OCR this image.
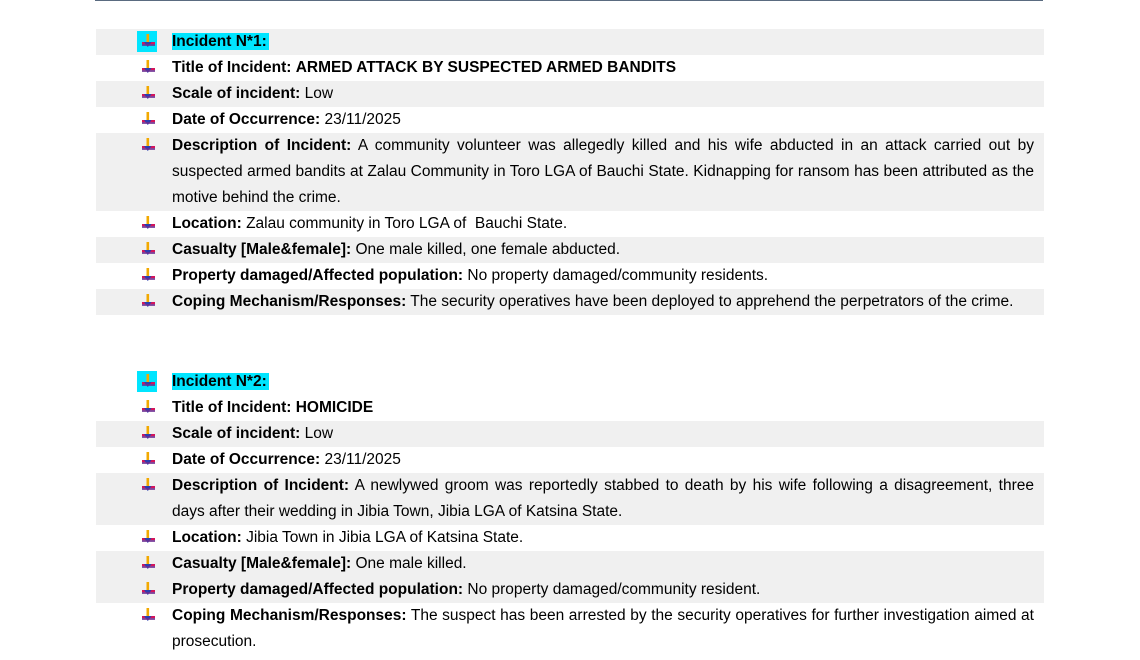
Incident N*1:
Title of Incident: ARMED ATTACK BY SUSPECTED ARMED BANDITS
Scale of incident: Low
Date of Occurrence: 23/11/2025
Description of Incident: A community volunteer was allegedly killed and his wife abducted in an attack carried out by suspected armed bandits at Zalau Community in Toro LGA of Bauchi State. Kidnapping for ransom has been attributed as the motive behind the crime.
Location: Zalau community in Toro LGA of  Bauchi State.
Casualty [Male&female]: One male killed, one female abducted.
Property damaged/Affected population: No property damaged/community residents.
Coping Mechanism/Responses: The security operatives have been deployed to apprehend the perpetrators of the crime.
Incident N*2:
Title of Incident: HOMICIDE
Scale of incident: Low
Date of Occurrence: 23/11/2025
Description of Incident: A newlywed groom was reportedly stabbed to death by his wife following a disagreement, three days after their wedding in Jibia Town, Jibia LGA of Katsina State.
Location: Jibia Town in Jibia LGA of Katsina State.
Casualty [Male&female]: One male killed.
Property damaged/Affected population: No property damaged/community resident.
Coping Mechanism/Responses: The suspect has been arrested by the security operatives for further investigation aimed at prosecution.
